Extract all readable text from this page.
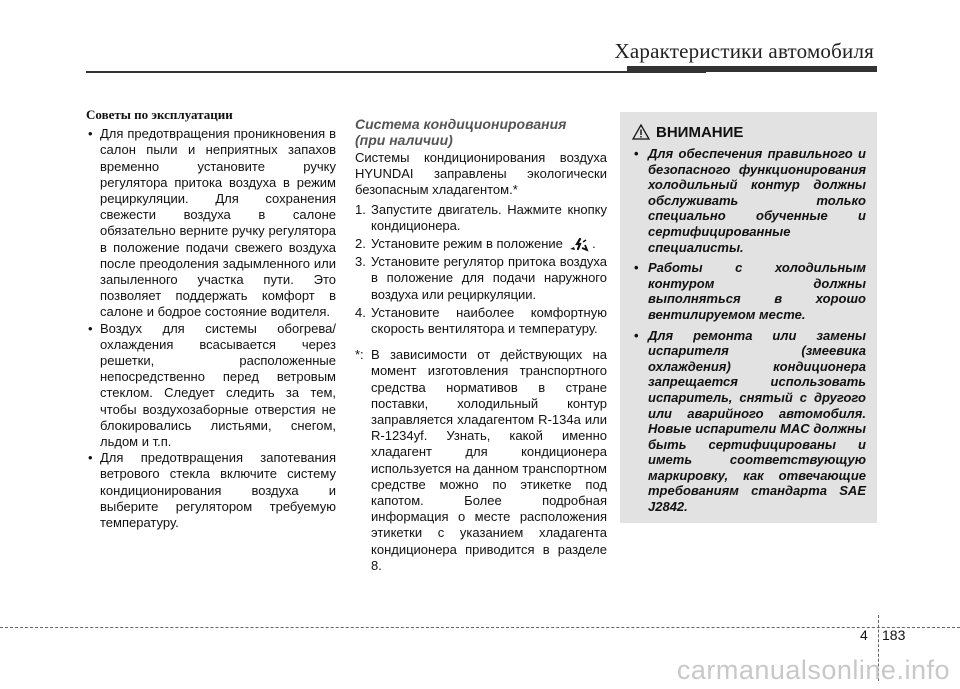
Характеристики автомобиля
Советы по эксплуатации
• Для предотвращения проникновения в салон пыли и неприятных запахов временно установите ручку регулятора притока воздуха в режим рециркуляции. Для сохранения свежести воздуха в салоне обязательно верните ручку регулятора в положение подачи свежего воздуха после преодоления задымленного или запыленного участка пути. Это позволяет поддержать комфорт в салоне и бодрое состояние водителя.
• Воздух для системы обогрева/охлаждения всасывается через решетки, расположенные непосредственно перед ветровым стеклом. Следует следить за тем, чтобы воздухозаборные отверстия не блокировались листьями, снегом, льдом и т.п.
• Для предотвращения запотевания ветрового стекла включите систему кондиционирования воздуха и выберите регулятором требуемую температуру.
Система кондиционирования
(при наличии)
Системы кондиционирования воздуха HYUNDAI заправлены экологически безопасным хладагентом.*
1. Запустите двигатель. Нажмите кнопку кондиционера.
2. Установите режим в положение .
3. Установите регулятор притока воздуха в положение для подачи наружного воздуха или рециркуляции.
4. Установите наиболее комфортную скорость вентилятора и температуру.
*: В зависимости от действующих на момент изготовления транспортного средства нормативов в стране поставки, холодильный контур заправляется хладагентом R-134a или R-1234yf. Узнать, какой именно хладагент для кондиционера используется на данном транспортном средстве можно по этикетке под капотом. Более подробная информация о месте расположения этикетки с указанием хладагента кондиционера приводится в разделе 8.
ВНИМАНИЕ
• Для обеспечения правильного и безопасного функционирования холодильный контур должны обслуживать только специально обученные и сертифицированные специалисты.
• Работы с холодильным контуром должны выполняться в хорошо вентилируемом месте.
• Для ремонта или замены испарителя (змеевика охлаждения) кондиционера запрещается использовать испаритель, снятый с другого или аварийного автомобиля. Новые испарители MAC должны быть сертифицированы и иметь соответствующую маркировку, как отвечающие требованиям стандарта SAE J2842.
4 183
carmanualsonline.info
